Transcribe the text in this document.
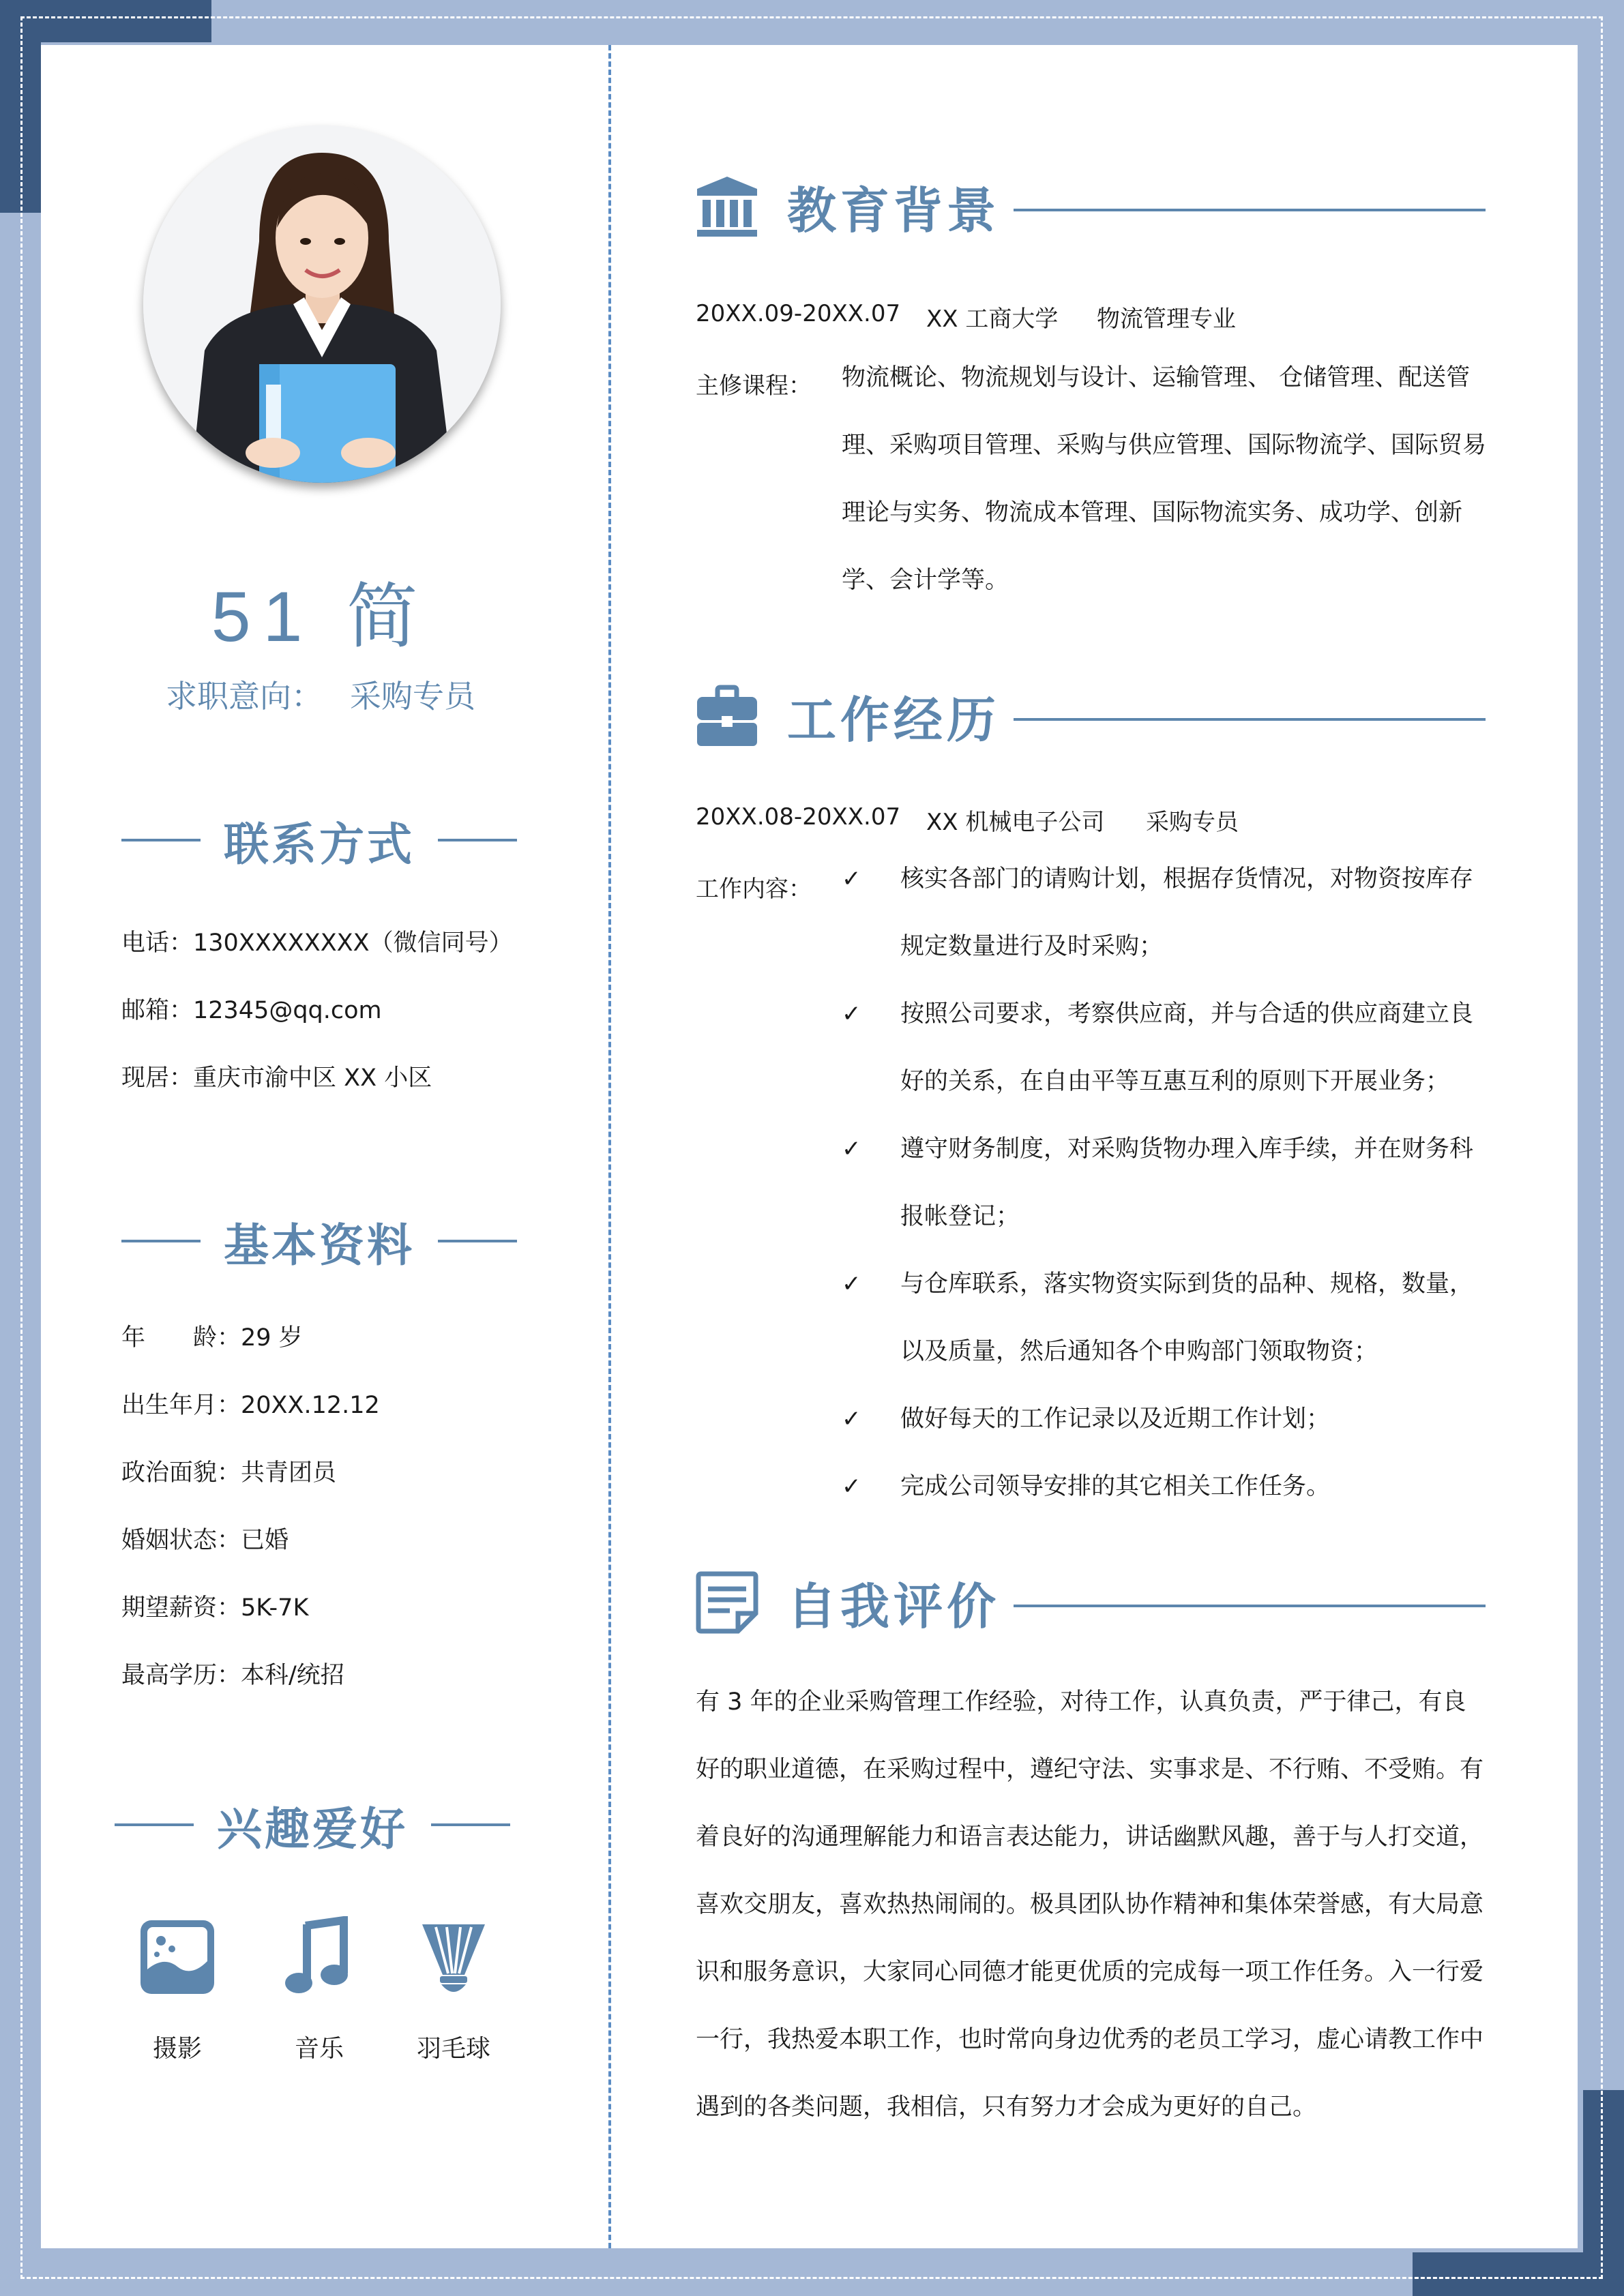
51 简
求职意向： 采购专员
联系方式
电话：130XXXXXXXX（微信同号）
邮箱：12345@qq.com
现居：重庆市渝中区 XX 小区
基本资料
年　　龄：29 岁
出生年月：20XX.12.12
政治面貌：共青团员
婚姻状态：已婚
期望薪资：5K-7K
最高学历：本科/统招
兴趣爱好
摄影	音乐	羽毛球
教育背景
20XX.09-20XX.07 XX 工商大学 物流管理专业
主修课程： 物流概论、物流规划与设计、运输管理、 仓储管理、配送管理、采购项目管理、采购与供应管理、国际物流学、国际贸易理论与实务、物流成本管理、国际物流实务、成功学、创新学、会计学等。
工作经历
20XX.08-20XX.07 XX 机械电子公司 采购专员
工作内容： ✓ 核实各部门的请购计划，根据存货情况，对物资按库存规定数量进行及时采购；
✓ 按照公司要求，考察供应商，并与合适的供应商建立良好的关系，在自由平等互惠互利的原则下开展业务；
✓ 遵守财务制度，对采购货物办理入库手续，并在财务科报帐登记；
✓ 与仓库联系，落实物资实际到货的品种、规格，数量，以及质量，然后通知各个申购部门领取物资；
✓ 做好每天的工作记录以及近期工作计划；
✓ 完成公司领导安排的其它相关工作任务。
自我评价
有 3 年的企业采购管理工作经验，对待工作，认真负责，严于律己，有良好的职业道德，在采购过程中，遵纪守法、实事求是、不行贿、不受贿。有着良好的沟通理解能力和语言表达能力，讲话幽默风趣，善于与人打交道，喜欢交朋友，喜欢热热闹闹的。极具团队协作精神和集体荣誉感，有大局意识和服务意识，大家同心同德才能更优质的完成每一项工作任务。入一行爱一行，我热爱本职工作，也时常向身边优秀的老员工学习，虚心请教工作中遇到的各类问题，我相信，只有努力才会成为更好的自己。
